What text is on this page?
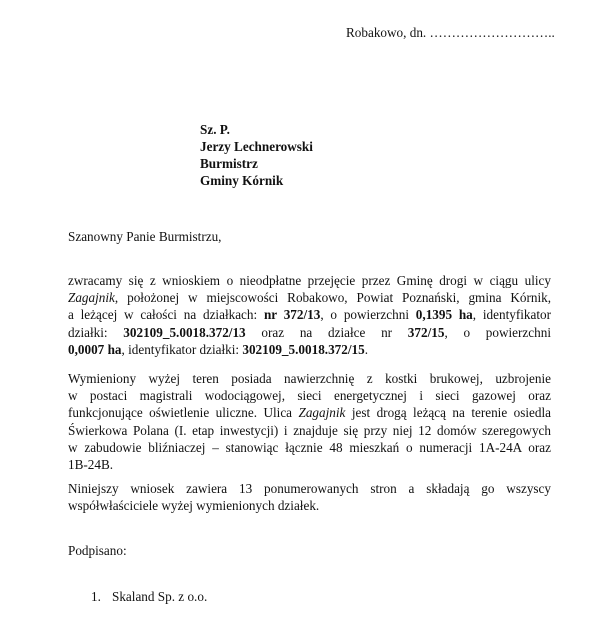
Robakowo, dn. ………………………..
Sz. P.
Jerzy Lechnerowski
Burmistrz
Gminy Kórnik
Szanowny Panie Burmistrzu,
zwracamy się z wnioskiem o nieodpłatne przejęcie przez Gminę drogi w ciągu ulicy
Zagajnik, położonej w miejscowości Robakowo, Powiat Poznański, gmina Kórnik,
a leżącej w całości na działkach: nr 372/13, o powierzchni 0,1395 ha, identyfikator
działki: 302109_5.0018.372/13 oraz na działce nr 372/15, o powierzchni
0,0007 ha, identyfikator działki: 302109_5.0018.372/15.
Wymieniony wyżej teren posiada nawierzchnię z kostki brukowej, uzbrojenie
w postaci magistrali wodociągowej, sieci energetycznej i sieci gazowej oraz
funkcjonujące oświetlenie uliczne. Ulica Zagajnik jest drogą leżącą na terenie osiedla
Świerkowa Polana (I. etap inwestycji) i znajduje się przy niej 12 domów szeregowych
w zabudowie bliźniaczej – stanowiąc łącznie 48 mieszkań o numeracji 1A-24A oraz
1B-24B.
Niniejszy wniosek zawiera 13 ponumerowanych stron a składają go wszyscy
współwłaściciele wyżej wymienionych działek.
Podpisano:
1. Skaland Sp. z o.o.
